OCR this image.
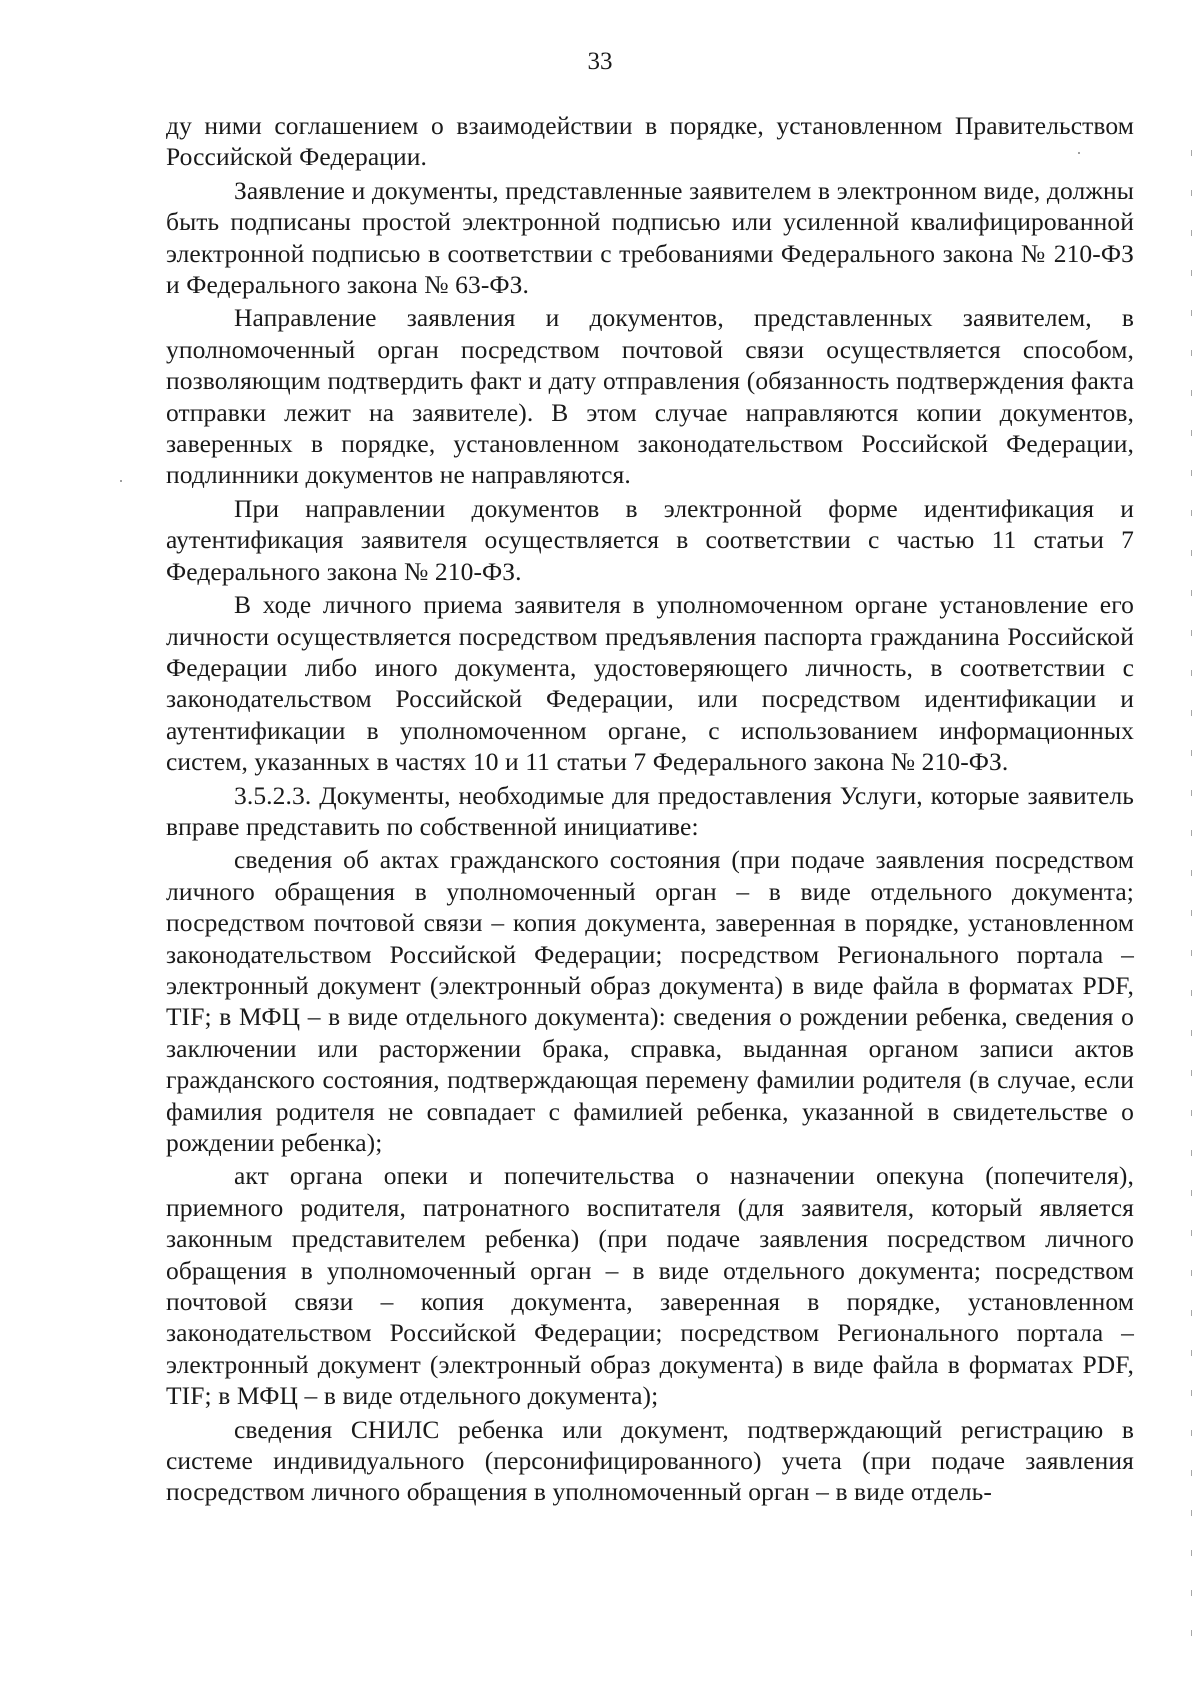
33

ду ними соглашением о взаимодействии в порядке, установленном Правительством Российской Федерации.

Заявление и документы, представленные заявителем в электронном виде, должны быть подписаны простой электронной подписью или усиленной квалифицированной электронной подписью в соответствии с требованиями Федерального закона № 210-ФЗ и Федерального закона № 63-ФЗ.

Направление заявления и документов, представленных заявителем, в уполномоченный орган посредством почтовой связи осуществляется способом, позволяющим подтвердить факт и дату отправления (обязанность подтверждения факта отправки лежит на заявителе). В этом случае направляются копии документов, заверенных в порядке, установленном законодательством Российской Федерации, подлинники документов не направляются.

При направлении документов в электронной форме идентификация и аутентификация заявителя осуществляется в соответствии с частью 11 статьи 7 Федерального закона № 210-ФЗ.

В ходе личного приема заявителя в уполномоченном органе установление его личности осуществляется посредством предъявления паспорта гражданина Российской Федерации либо иного документа, удостоверяющего личность, в соответствии с законодательством Российской Федерации, или посредством идентификации и аутентификации в уполномоченном органе, с использованием информационных систем, указанных в частях 10 и 11 статьи 7 Федерального закона № 210-ФЗ.

3.5.2.3. Документы, необходимые для предоставления Услуги, которые заявитель вправе представить по собственной инициативе:

сведения об актах гражданского состояния (при подаче заявления посредством личного обращения в уполномоченный орган – в виде отдельного документа; посредством почтовой связи – копия документа, заверенная в порядке, установленном законодательством Российской Федерации; посредством Регионального портала – электронный документ (электронный образ документа) в виде файла в форматах PDF, TIF; в МФЦ – в виде отдельного документа): сведения о рождении ребенка, сведения о заключении или расторжении брака, справка, выданная органом записи актов гражданского состояния, подтверждающая перемену фамилии родителя (в случае, если фамилия родителя не совпадает с фамилией ребенка, указанной в свидетельстве о рождении ребенка);

акт органа опеки и попечительства о назначении опекуна (попечителя), приемного родителя, патронатного воспитателя (для заявителя, который является законным представителем ребенка) (при подаче заявления посредством личного обращения в уполномоченный орган – в виде отдельного документа; посредством почтовой связи – копия документа, заверенная в порядке, установленном законодательством Российской Федерации; посредством Регионального портала – электронный документ (электронный образ документа) в виде файла в форматах PDF, TIF; в МФЦ – в виде отдельного документа);

сведения СНИЛС ребенка или документ, подтверждающий регистрацию в системе индивидуального (персонифицированного) учета (при подаче заявления посредством личного обращения в уполномоченный орган – в виде отдель-
